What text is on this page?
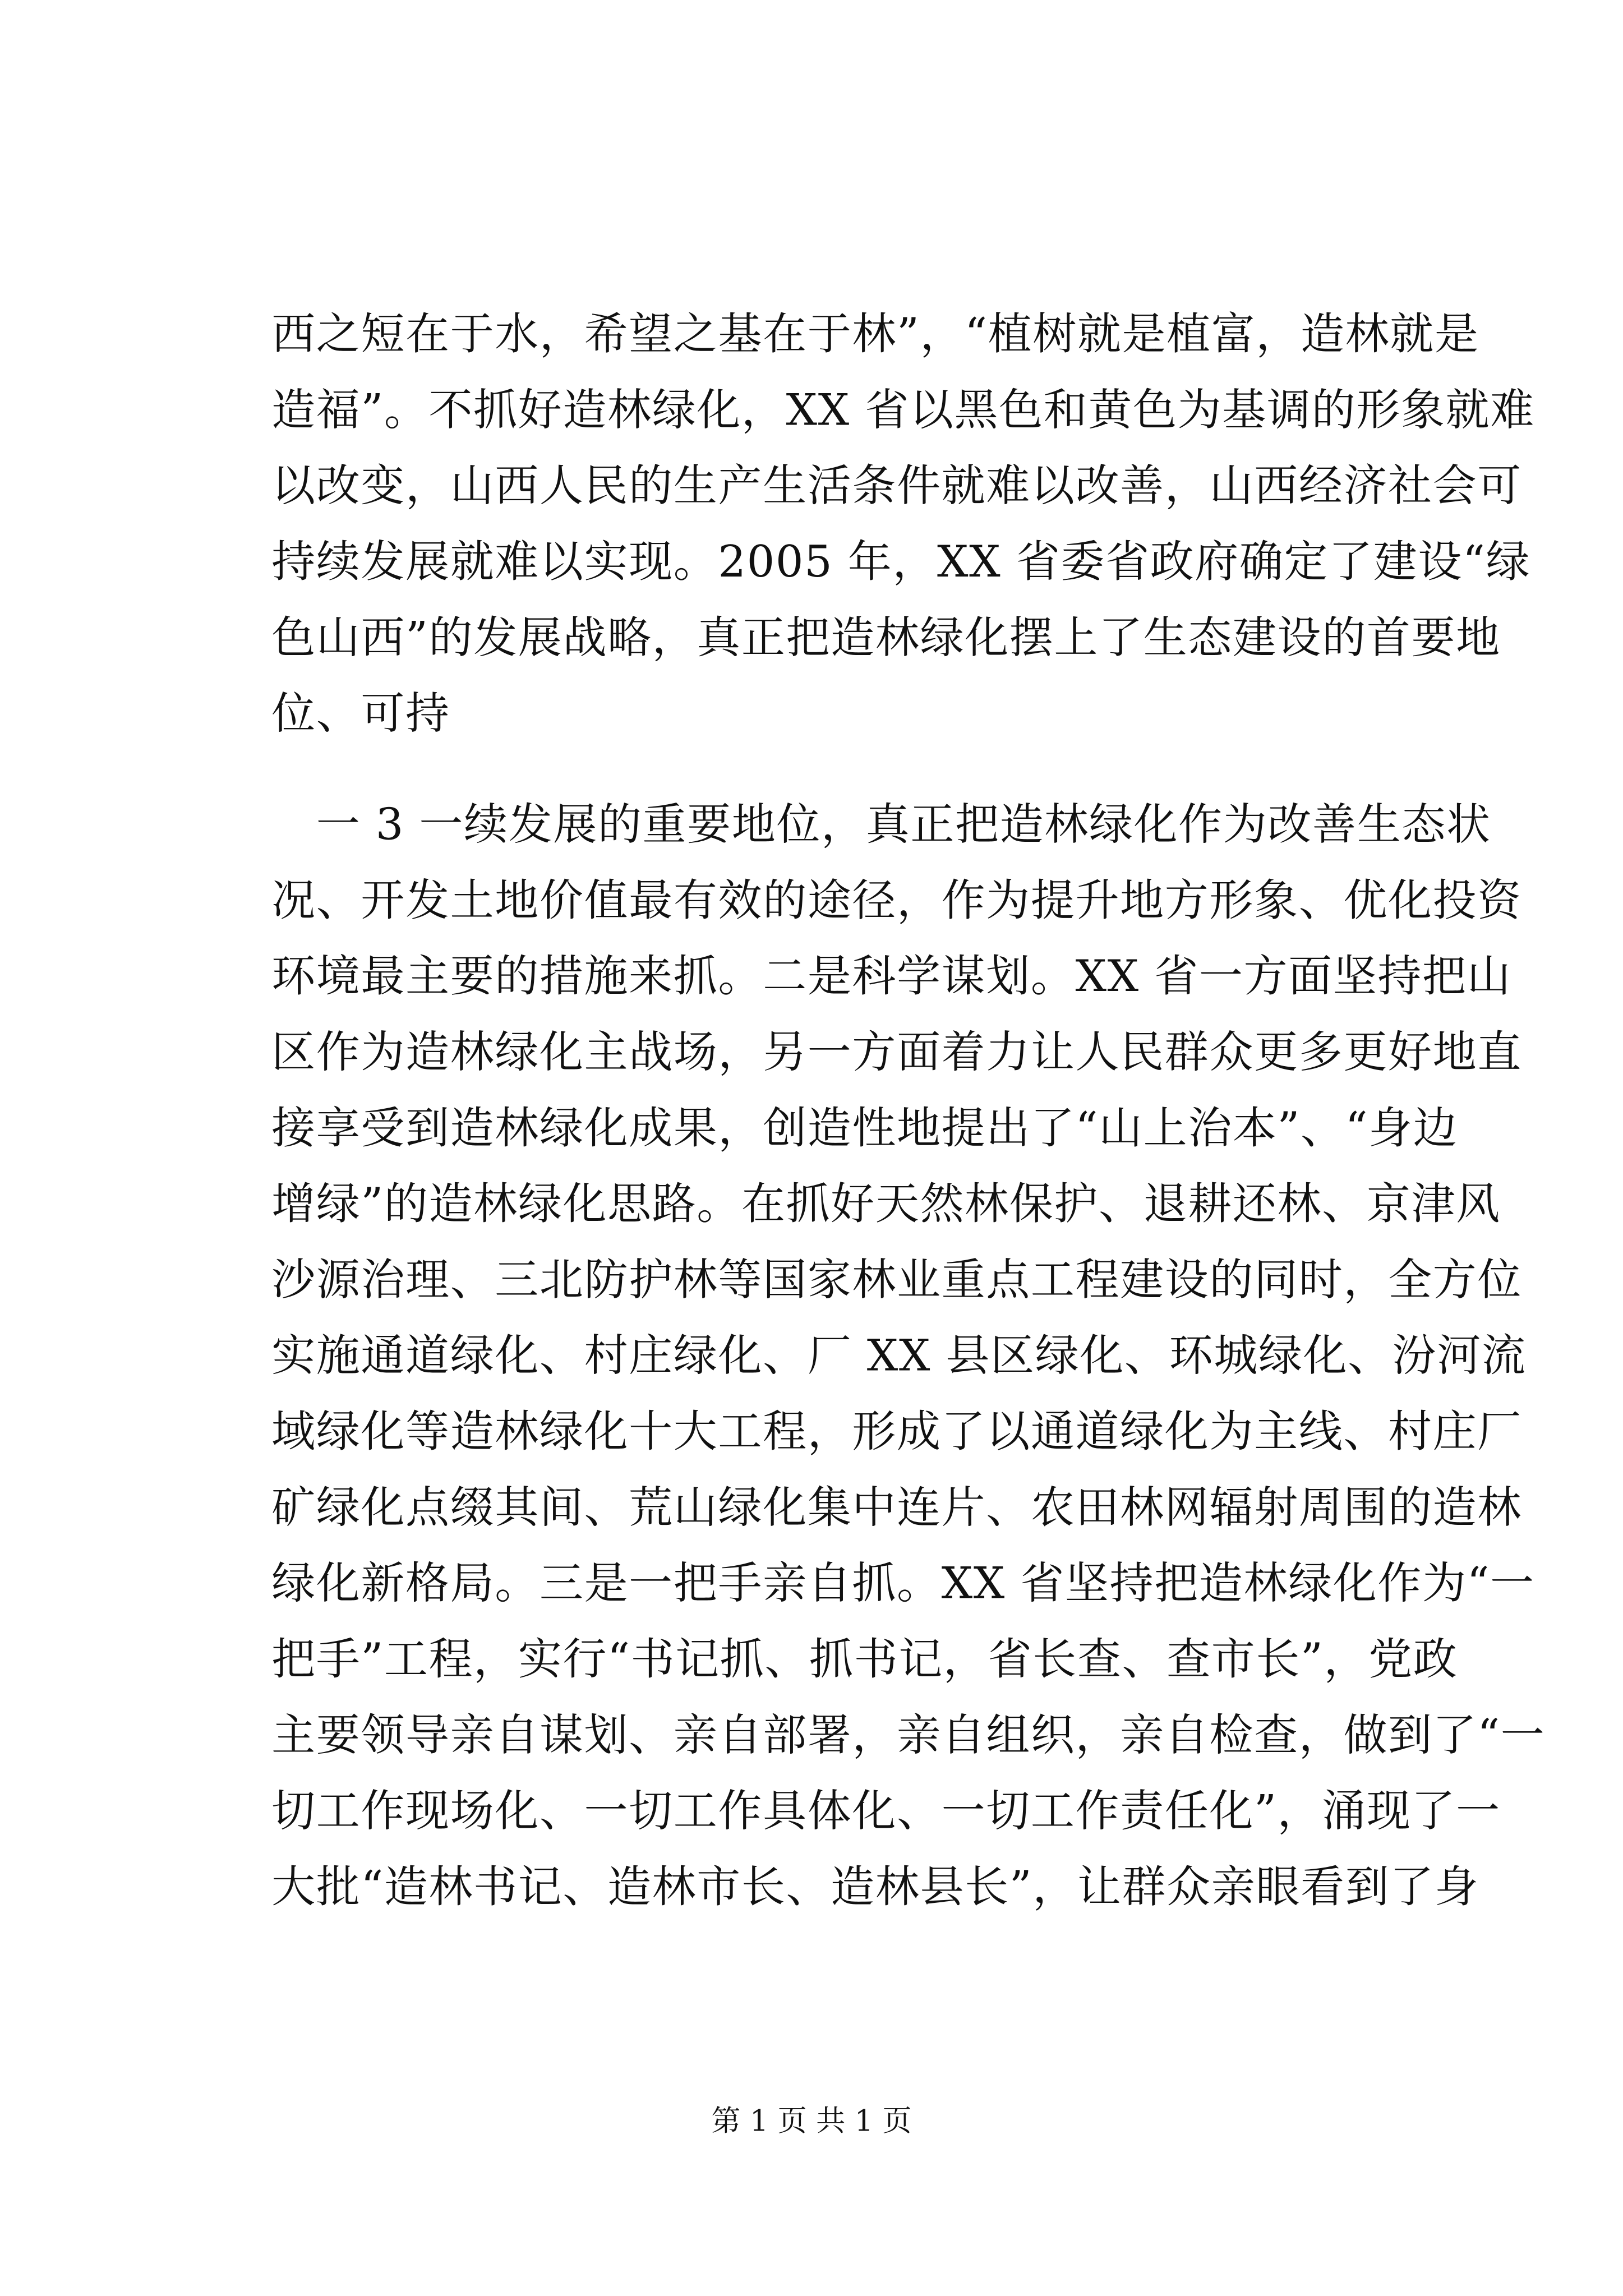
西之短在于水，希望之基在于林”，“植树就是植富，造林就是
造福”。不抓好造林绿化，XX 省以黑色和黄色为基调的形象就难
以改变，山西人民的生产生活条件就难以改善，山西经济社会可
持续发展就难以实现。2005 年，XX 省委省政府确定了建设“绿
色山西”的发展战略，真正把造林绿化摆上了生态建设的首要地
位、可持
　一 3 一续发展的重要地位，真正把造林绿化作为改善生态状
况、开发土地价值最有效的途径，作为提升地方形象、优化投资
环境最主要的措施来抓。二是科学谋划。XX 省一方面坚持把山
区作为造林绿化主战场，另一方面着力让人民群众更多更好地直
接享受到造林绿化成果，创造性地提出了“山上治本”、“身边
增绿”的造林绿化思路。在抓好天然林保护、退耕还林、京津风
沙源治理、三北防护林等国家林业重点工程建设的同时，全方位
实施通道绿化、村庄绿化、厂 XX 县区绿化、环城绿化、汾河流
域绿化等造林绿化十大工程，形成了以通道绿化为主线、村庄厂
矿绿化点缀其间、荒山绿化集中连片、农田林网辐射周围的造林
绿化新格局。三是一把手亲自抓。XX 省坚持把造林绿化作为“一
把手”工程，实行“书记抓、抓书记，省长查、查市长”，党政
主要领导亲自谋划、亲自部署，亲自组织，亲自检查，做到了“一
切工作现场化、一切工作具体化、一切工作责任化”，涌现了一
大批“造林书记、造林市长、造林县长”，让群众亲眼看到了身
第 1 页 共 1 页
